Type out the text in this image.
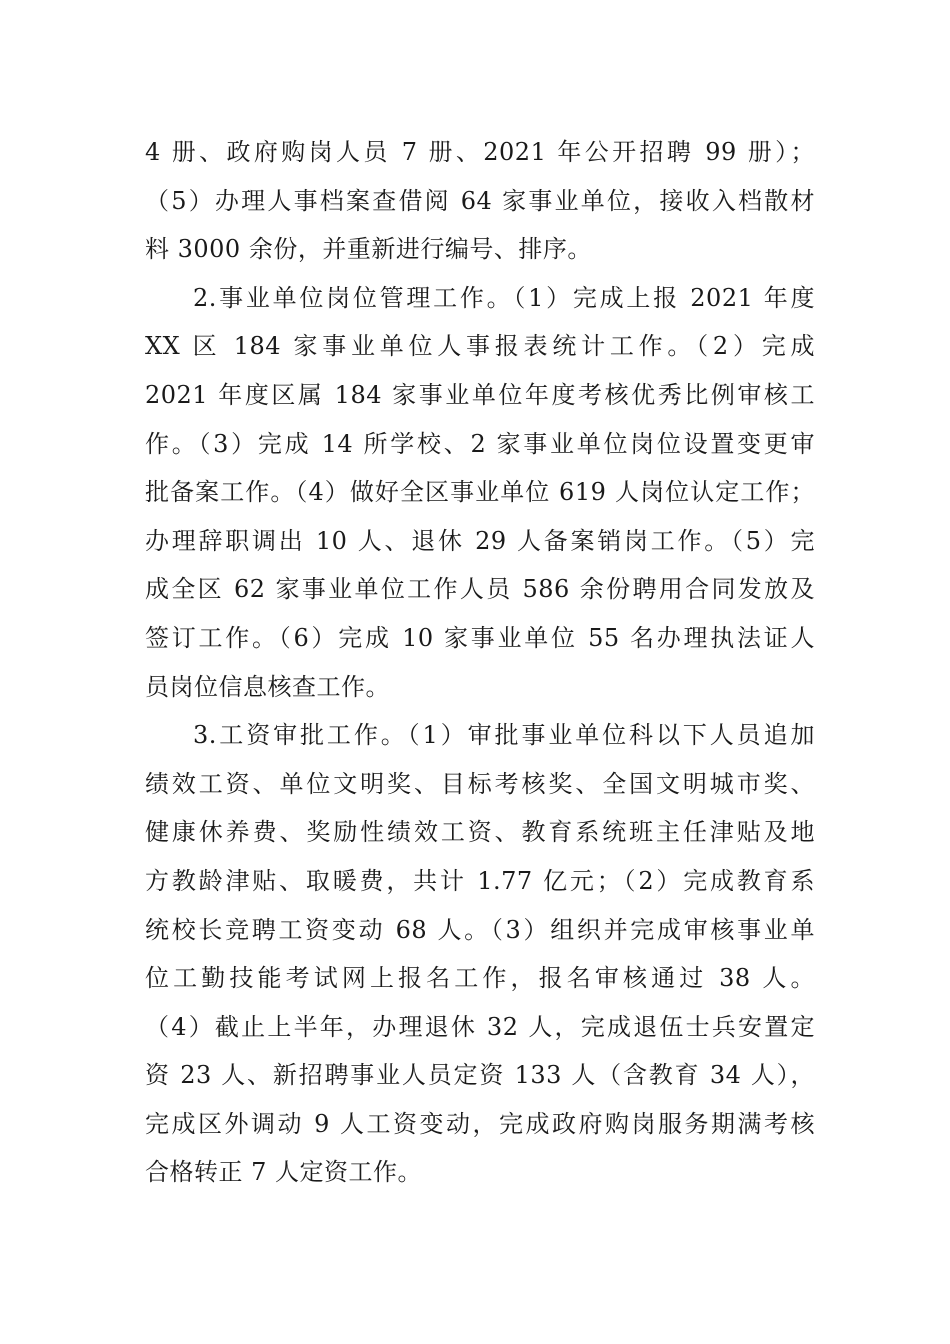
4 册、政府购岗人员 7 册、2021 年公开招聘 99 册）；
（5）办理人事档案查借阅 64 家事业单位，接收入档散材
料 3000 余份，并重新进行编号、排序。

2.事业单位岗位管理工作。（1）完成上报 2021 年度
XX 区 184 家事业单位人事报表统计工作。（2）完成
2021 年度区属 184 家事业单位年度考核优秀比例审核工
作。（3）完成 14 所学校、2 家事业单位岗位设置变更审
批备案工作。（4）做好全区事业单位 619 人岗位认定工作；
办理辞职调出 10 人、退休 29 人备案销岗工作。（5）完
成全区 62 家事业单位工作人员 586 余份聘用合同发放及
签订工作。（6）完成 10 家事业单位 55 名办理执法证人
员岗位信息核查工作。

3.工资审批工作。（1）审批事业单位科以下人员追加
绩效工资、单位文明奖、目标考核奖、全国文明城市奖、
健康休养费、奖励性绩效工资、教育系统班主任津贴及地
方教龄津贴、取暖费，共计 1.77 亿元；（2）完成教育系
统校长竞聘工资变动 68 人。（3）组织并完成审核事业单
位工勤技能考试网上报名工作，报名审核通过 38 人。
（4）截止上半年，办理退休 32 人，完成退伍士兵安置定
资 23 人、新招聘事业人员定资 133 人（含教育 34 人），
完成区外调动 9 人工资变动，完成政府购岗服务期满考核
合格转正 7 人定资工作。
